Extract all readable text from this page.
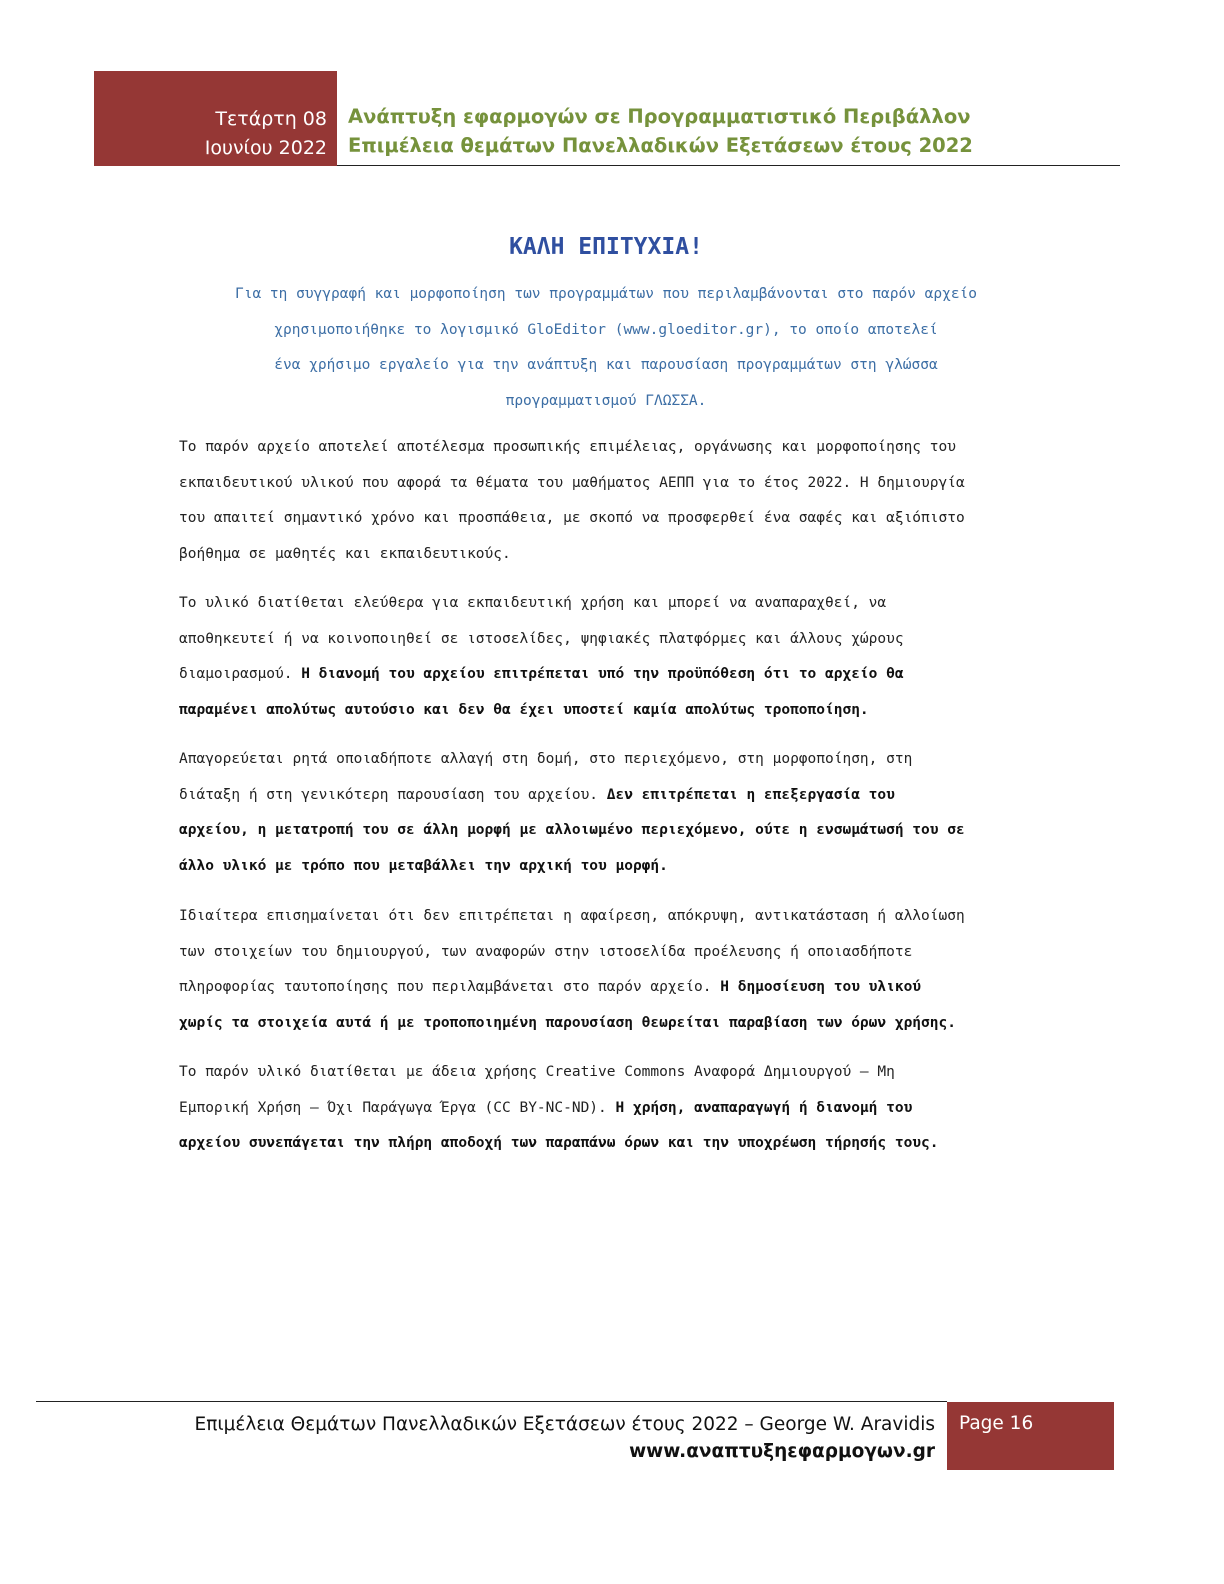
Τετάρτη 08
Ιουνίου 2022
Ανάπτυξη εφαρμογών σε Προγραμματιστικό Περιβάλλον
Επιμέλεια θεμάτων Πανελλαδικών Εξετάσεων έτους 2022
ΚΑΛΗ ΕΠΙΤΥΧΙΑ!
Για τη συγγραφή και μορφοποίηση των προγραμμάτων που περιλαμβάνονται στο παρόν αρχείο
χρησιμοποιήθηκε το λογισμικό GloEditor (www.gloeditor.gr), το οποίο αποτελεί
ένα χρήσιμο εργαλείο για την ανάπτυξη και παρουσίαση προγραμμάτων στη γλώσσα
προγραμματισμού ΓΛΩΣΣΑ.
Το παρόν αρχείο αποτελεί αποτέλεσμα προσωπικής επιμέλειας, οργάνωσης και μορφοποίησης του
εκπαιδευτικού υλικού που αφορά τα θέματα του μαθήματος ΑΕΠΠ για το έτος 2022. Η δημιουργία
του απαιτεί σημαντικό χρόνο και προσπάθεια, με σκοπό να προσφερθεί ένα σαφές και αξιόπιστο
βοήθημα σε μαθητές και εκπαιδευτικούς.
Το υλικό διατίθεται ελεύθερα για εκπαιδευτική χρήση και μπορεί να αναπαραχθεί, να
αποθηκευτεί ή να κοινοποιηθεί σε ιστοσελίδες, ψηφιακές πλατφόρμες και άλλους χώρους
διαμοιρασμού. Η διανομή του αρχείου επιτρέπεται υπό την προϋπόθεση ότι το αρχείο θα
παραμένει απολύτως αυτούσιο και δεν θα έχει υποστεί καμία απολύτως τροποποίηση.
Απαγορεύεται ρητά οποιαδήποτε αλλαγή στη δομή, στο περιεχόμενο, στη μορφοποίηση, στη
διάταξη ή στη γενικότερη παρουσίαση του αρχείου. Δεν επιτρέπεται η επεξεργασία του
αρχείου, η μετατροπή του σε άλλη μορφή με αλλοιωμένο περιεχόμενο, ούτε η ενσωμάτωσή του σε
άλλο υλικό με τρόπο που μεταβάλλει την αρχική του μορφή.
Ιδιαίτερα επισημαίνεται ότι δεν επιτρέπεται η αφαίρεση, απόκρυψη, αντικατάσταση ή αλλοίωση
των στοιχείων του δημιουργού, των αναφορών στην ιστοσελίδα προέλευσης ή οποιασδήποτε
πληροφορίας ταυτοποίησης που περιλαμβάνεται στο παρόν αρχείο. Η δημοσίευση του υλικού
χωρίς τα στοιχεία αυτά ή με τροποποιημένη παρουσίαση θεωρείται παραβίαση των όρων χρήσης.
Το παρόν υλικό διατίθεται με άδεια χρήσης Creative Commons Αναφορά Δημιουργού – Μη
Εμπορική Χρήση – Όχι Παράγωγα Έργα (CC BY-NC-ND). Η χρήση, αναπαραγωγή ή διανομή του
αρχείου συνεπάγεται την πλήρη αποδοχή των παραπάνω όρων και την υποχρέωση τήρησής τους.
Επιμέλεια Θεμάτων Πανελλαδικών Εξετάσεων έτους 2022 – George W. Aravidis
www.αναπτυξηεφαρμογων.gr
Page 16
